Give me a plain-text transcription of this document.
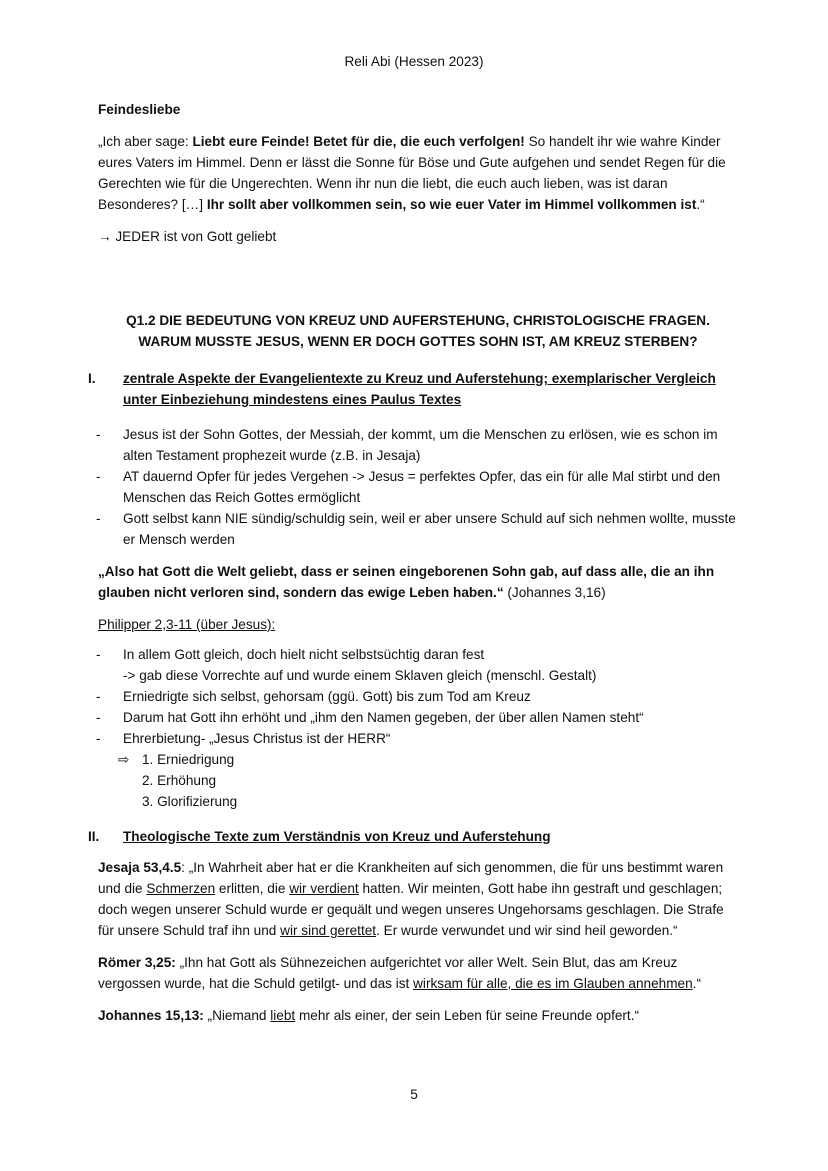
Reli Abi (Hessen 2023)

Feindesliebe

„Ich aber sage: Liebt eure Feinde! Betet für die, die euch verfolgen! So handelt ihr wie wahre Kinder eures Vaters im Himmel. Denn er lässt die Sonne für Böse und Gute aufgehen und sendet Regen für die Gerechten wie für die Ungerechten. Wenn ihr nun die liebt, die euch auch lieben, was ist daran Besonderes? […] Ihr sollt aber vollkommen sein, so wie euer Vater im Himmel vollkommen ist.“

→ JEDER ist von Gott geliebt

Q1.2 DIE BEDEUTUNG VON KREUZ UND AUFERSTEHUNG, CHRISTOLOGISCHE FRAGEN.
WARUM MUSSTE JESUS, WENN ER DOCH GOTTES SOHN IST, AM KREUZ STERBEN?
I. zentrale Aspekte der Evangelientexte zu Kreuz und Auferstehung; exemplarischer Vergleich unter Einbeziehung mindestens eines Paulus Textes
- Jesus ist der Sohn Gottes, der Messiah, der kommt, um die Menschen zu erlösen, wie es schon im alten Testament prophezeit wurde (z.B. in Jesaja)
- AT dauernd Opfer für jedes Vergehen -> Jesus = perfektes Opfer, das ein für alle Mal stirbt und den Menschen das Reich Gottes ermöglicht
- Gott selbst kann NIE sündig/schuldig sein, weil er aber unsere Schuld auf sich nehmen wollte, musste er Mensch werden

„Also hat Gott die Welt geliebt, dass er seinen eingeborenen Sohn gab, auf dass alle, die an ihn glauben nicht verloren sind, sondern das ewige Leben haben.“ (Johannes 3,16)

Philipper 2,3-11 (über Jesus):

- In allem Gott gleich, doch hielt nicht selbstsüchtig daran fest
-> gab diese Vorrechte auf und wurde einem Sklaven gleich (menschl. Gestalt)
- Erniedrigte sich selbst, gehorsam (ggü. Gott) bis zum Tod am Kreuz
- Darum hat Gott ihn erhöht und „ihm den Namen gegeben, der über allen Namen steht“
- Ehrerbietung- „Jesus Christus ist der HERR“
⇨ 1. Erniedrigung
2. Erhöhung
3. Glorifizierung
II. Theologische Texte zum Verständnis von Kreuz und Auferstehung

Jesaja 53,4.5: „In Wahrheit aber hat er die Krankheiten auf sich genommen, die für uns bestimmt waren und die Schmerzen erlitten, die wir verdient hatten. Wir meinten, Gott habe ihn gestraft und geschlagen; doch wegen unserer Schuld wurde er gequält und wegen unseres Ungehorsams geschlagen. Die Strafe für unsere Schuld traf ihn und wir sind gerettet. Er wurde verwundet und wir sind heil geworden.“

Römer 3,25: „Ihn hat Gott als Sühnezeichen aufgerichtet vor aller Welt. Sein Blut, das am Kreuz vergossen wurde, hat die Schuld getilgt- und das ist wirksam für alle, die es im Glauben annehmen.“

Johannes 15,13: „Niemand liebt mehr als einer, der sein Leben für seine Freunde opfert.“

5
